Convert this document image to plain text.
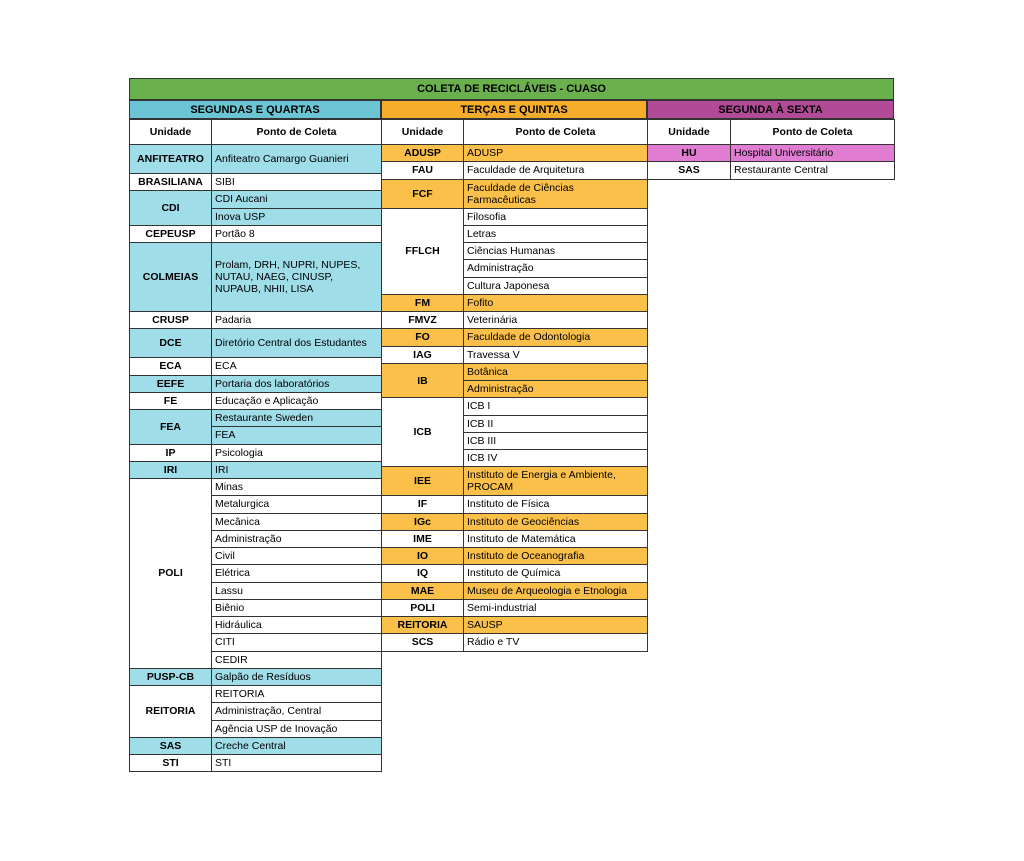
COLETA DE RECICLÁVEIS - CUASO
SEGUNDAS E QUARTAS	TERÇAS E QUINTAS	SEGUNDA À SEXTA
Unidade	Ponto de Coleta
ANFITEATRO	Anfiteatro Camargo Guanieri
BRASILIANA	SIBI
CDI	CDI Aucani
	Inova USP
CEPEUSP	Portão 8
COLMEIAS	Prolam, DRH, NUPRI, NUPES, NUTAU, NAEG, CINUSP, NUPAUB, NHII, LISA
CRUSP	Padaria
DCE	Diretório Central dos Estudantes
ECA	ECA
EEFE	Portaria dos laboratórios
FE	Educação e Aplicação
FEA	Restaurante Sweden
	FEA
IP	Psicologia
IRI	IRI
POLI	Minas
	Metalurgica
	Mecânica
	Administração
	Civil
	Elétrica
	Lassu
	Biênio
	Hidráulica
	CITI
	CEDIR
PUSP-CB	Galpão de Resíduos
REITORIA	REITORIA
	Administração, Central
	Agência USP de Inovação
SAS	Creche Central
STI	STI
Unidade	Ponto de Coleta
ADUSP	ADUSP
FAU	Faculdade de Arquitetura
FCF	Faculdade de Ciências Farmacêuticas
FFLCH	Filosofia
	Letras
	Ciências Humanas
	Administração
	Cultura Japonesa
FM	Fofito
FMVZ	Veterinária
FO	Faculdade de Odontologia
IAG	Travessa V
IB	Botânica
	Administração
ICB	ICB I
	ICB II
	ICB III
	ICB IV
IEE	Instituto de Energia e Ambiente, PROCAM
IF	Instituto de Física
IGc	Instituto de Geociências
IME	Instituto de Matemática
IO	Instituto de Oceanografia
IQ	Instituto de Química
MAE	Museu de Arqueologia e Etnologia
POLI	Semi-industrial
REITORIA	SAUSP
SCS	Rádio e TV
Unidade	Ponto de Coleta
HU	Hospital Universitário
SAS	Restaurante Central
